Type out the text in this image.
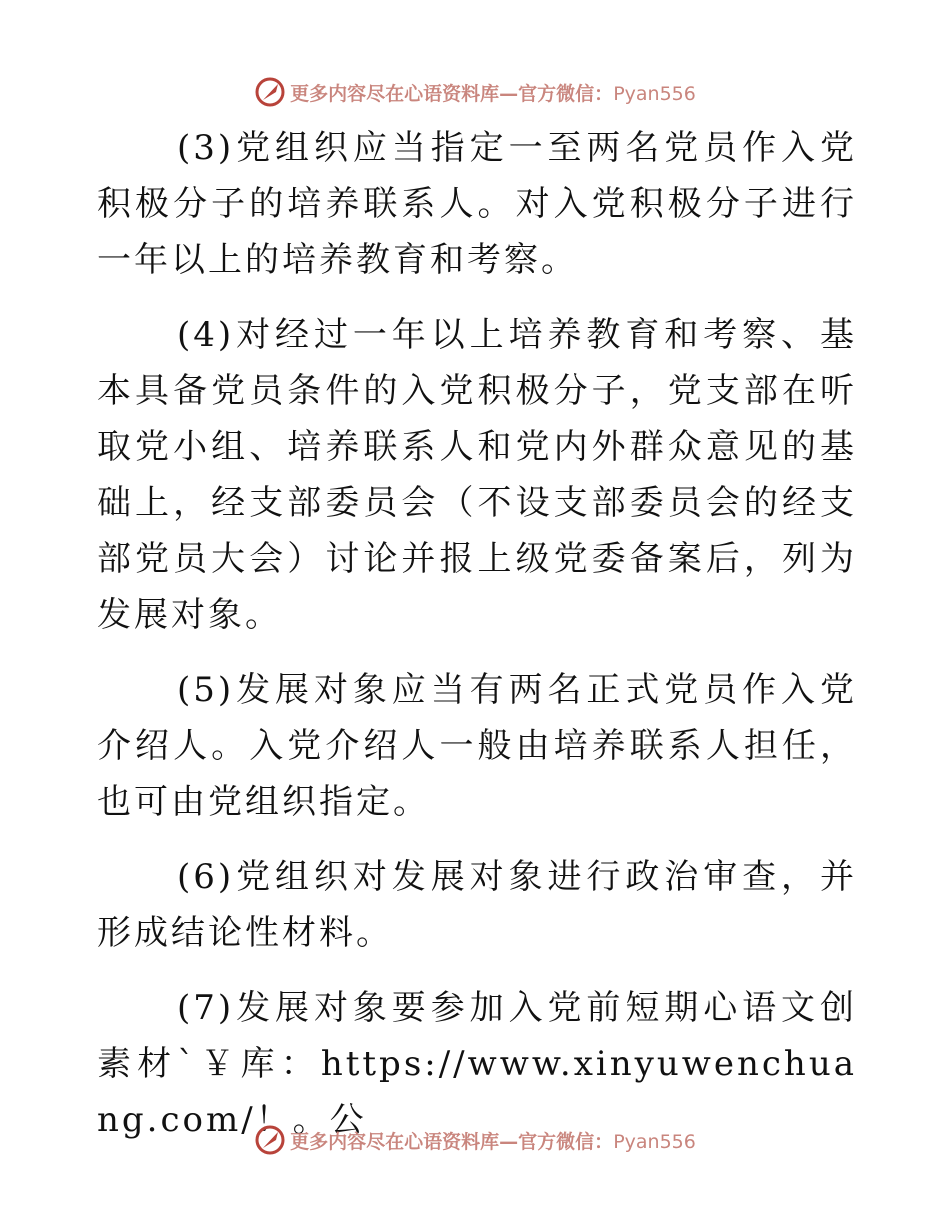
更多内容尽在心语资料库—官方微信：Pyan556

(3)党组织应当指定一至两名党员作入党积极分子的培养联系人。对入党积极分子进行一年以上的培养教育和考察。

(4)对经过一年以上培养教育和考察、基本具备党员条件的入党积极分子，党支部在听取党小组、培养联系人和党内外群众意见的基础上，经支部委员会（不设支部委员会的经支部党员大会）讨论并报上级党委备案后，列为发展对象。

(5)发展对象应当有两名正式党员作入党介绍人。入党介绍人一般由培养联系人担任，也可由党组织指定。

(6)党组织对发展对象进行政治审查，并形成结论性材料。

(7)发展对象要参加入党前短期心语文创素材`￥库：https://www.xinyuwenchuang.com/！。公

更多内容尽在心语资料库—官方微信：Pyan556
